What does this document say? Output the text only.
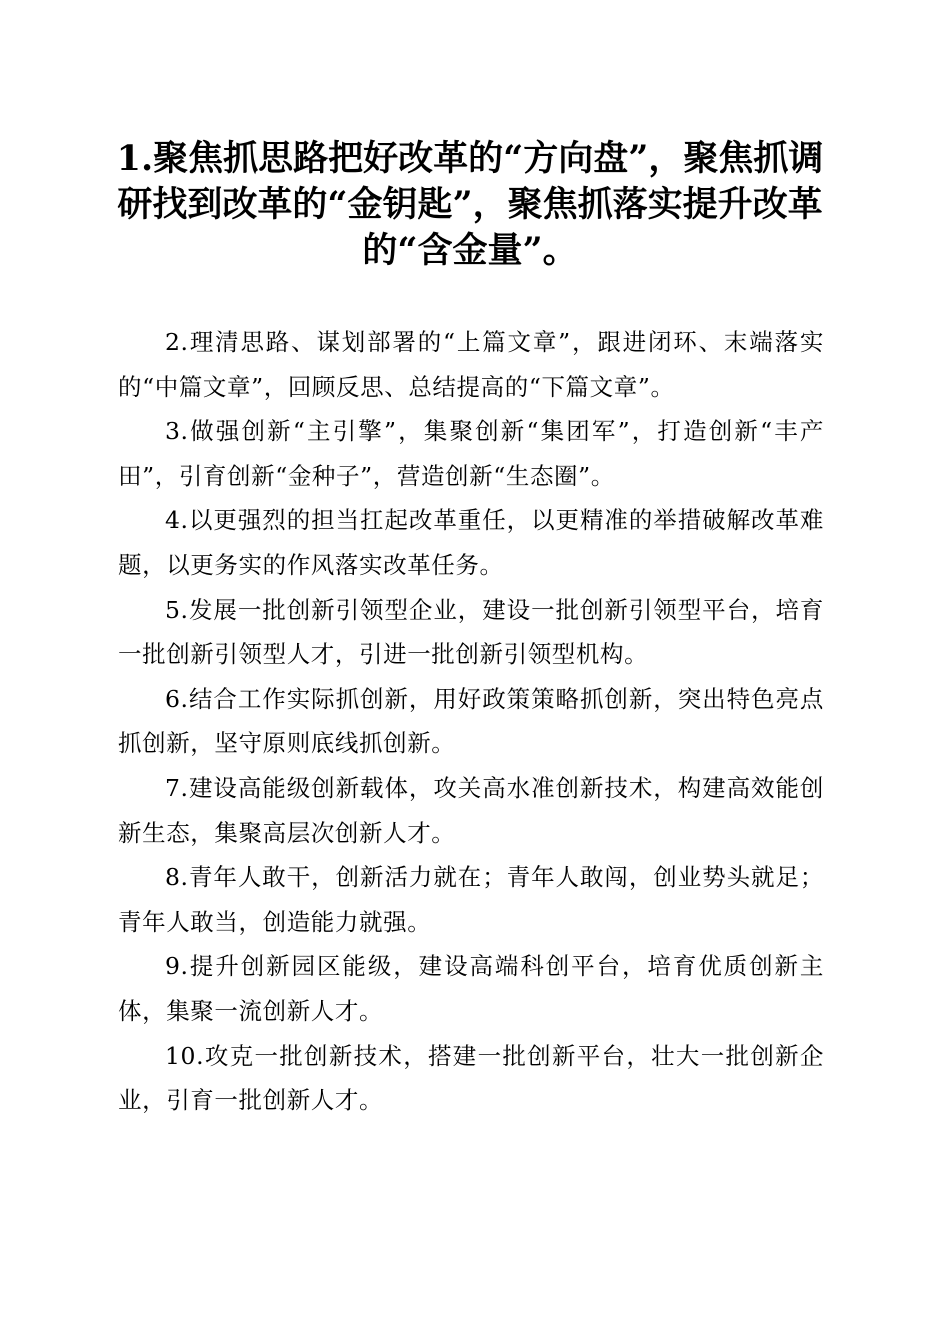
1.聚焦抓思路把好改革的“方向盘”，聚焦抓调研找到改革的“金钥匙”，聚焦抓落实提升改革的“含金量”。

2.理清思路、谋划部署的“上篇文章”，跟进闭环、末端落实的“中篇文章”，回顾反思、总结提高的“下篇文章”。

3.做强创新“主引擎”，集聚创新“集团军”，打造创新“丰产田”，引育创新“金种子”，营造创新“生态圈”。

4.以更强烈的担当扛起改革重任，以更精准的举措破解改革难题，以更务实的作风落实改革任务。

5.发展一批创新引领型企业，建设一批创新引领型平台，培育一批创新引领型人才，引进一批创新引领型机构。

6.结合工作实际抓创新，用好政策策略抓创新，突出特色亮点抓创新，坚守原则底线抓创新。

7.建设高能级创新载体，攻关高水准创新技术，构建高效能创新生态，集聚高层次创新人才。

8.青年人敢干，创新活力就在；青年人敢闯，创业势头就足；青年人敢当，创造能力就强。

9.提升创新园区能级，建设高端科创平台，培育优质创新主体，集聚一流创新人才。

10.攻克一批创新技术，搭建一批创新平台，壮大一批创新企业，引育一批创新人才。
